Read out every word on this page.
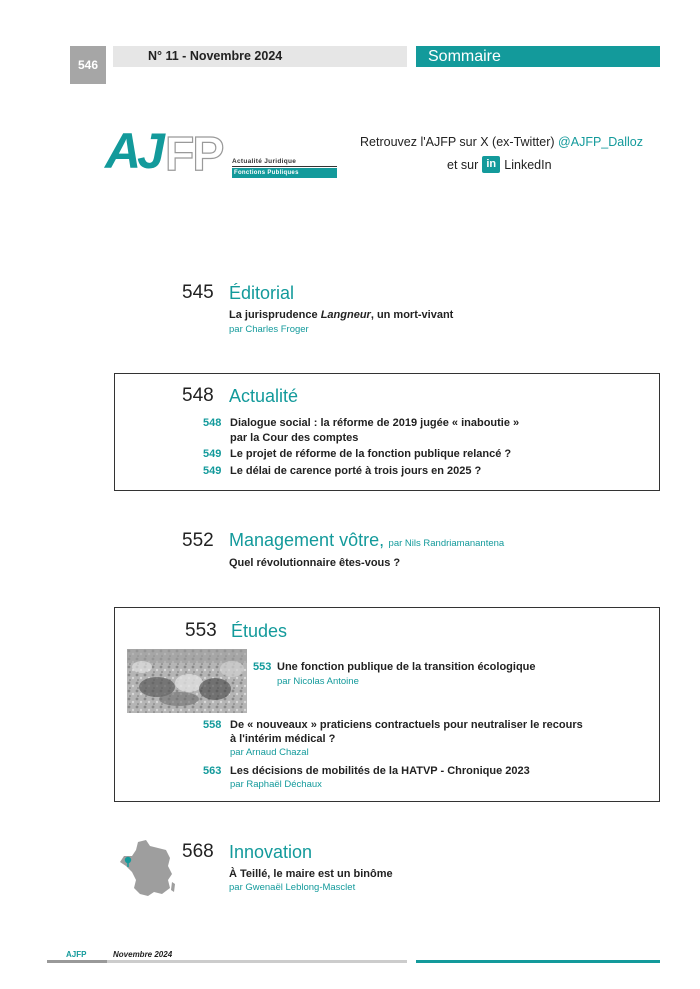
546
N° 11 - Novembre 2024	Sommaire
AJ FP Actualité Juridique
Fonctions Publiques
Retrouvez l'AJFP sur X (ex-Twitter) @AJFP_Dalloz
et sur in LinkedIn
545 Éditorial
La jurisprudence Langneur, un mort-vivant
par Charles Froger
548 Actualité
548 Dialogue social : la réforme de 2019 jugée « inaboutie »
par la Cour des comptes
549 Le projet de réforme de la fonction publique relancé ?
549 Le délai de carence porté à trois jours en 2025 ?
552 Management vôtre, par Nils Randriamanantena
Quel révolutionnaire êtes-vous ?
553 Études
553 Une fonction publique de la transition écologique
par Nicolas Antoine
558 De « nouveaux » praticiens contractuels pour neutraliser le recours
à l'intérim médical ?
par Arnaud Chazal
563 Les décisions de mobilités de la HATVP - Chronique 2023
par Raphaël Déchaux
568 Innovation
À Teillé, le maire est un binôme
par Gwenaël Leblong-Masclet
AJFP	Novembre 2024
